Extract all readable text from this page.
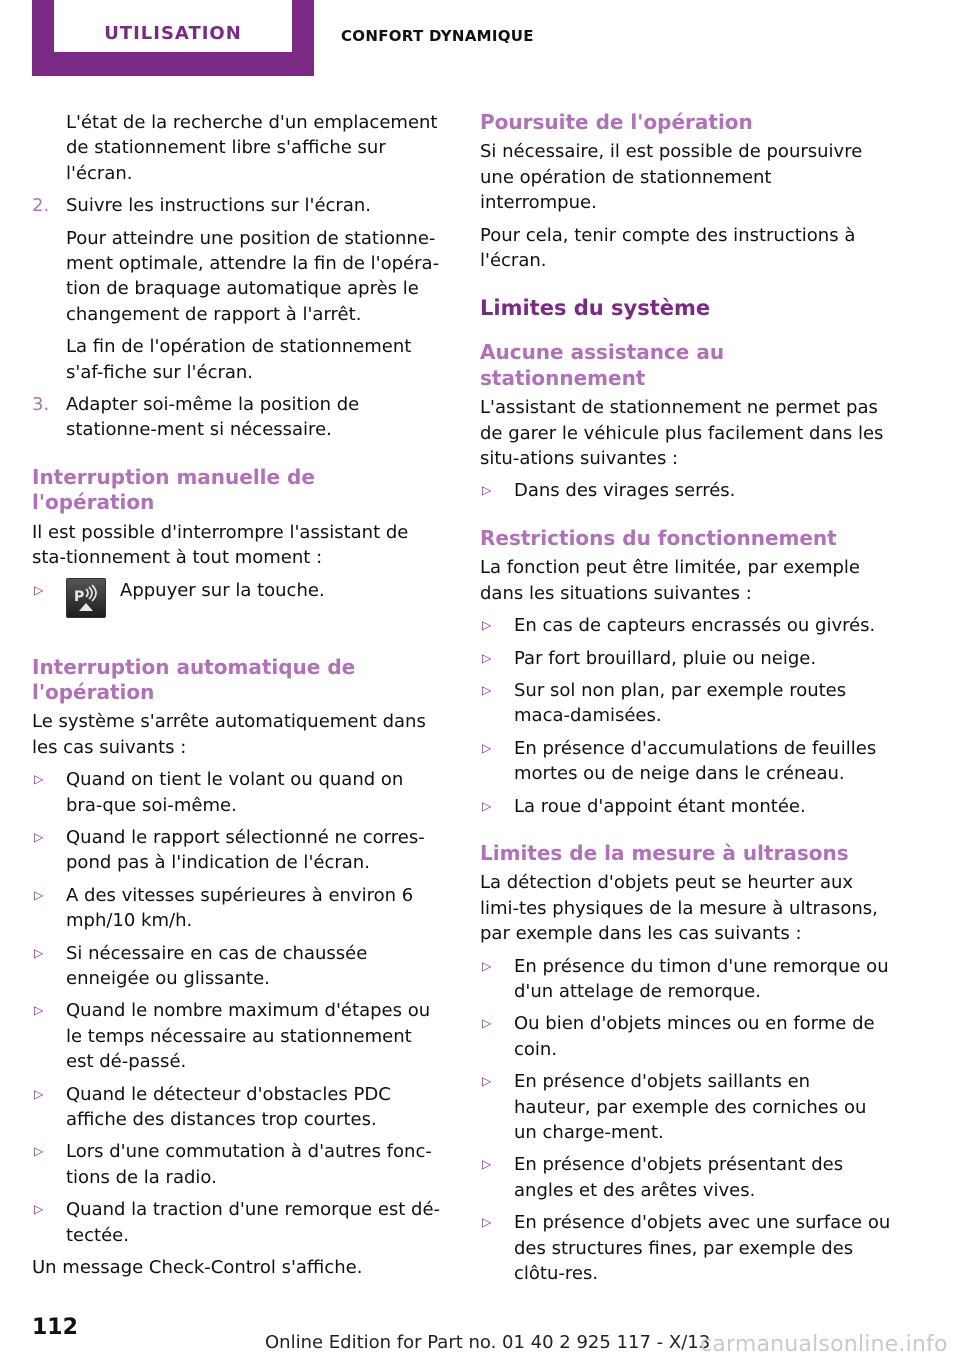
UTILISATION	CONFORT DYNAMIQUE

L'état de la recherche d'un emplacement de stationnement libre s'affiche sur l'écran.

2. Suivre les instructions sur l'écran.

Pour atteindre une position de stationne-ment optimale, attendre la fin de l'opéra-tion de braquage automatique après le changement de rapport à l'arrêt.

La fin de l'opération de stationnement s'af-fiche sur l'écran.

3. Adapter soi-même la position de stationne-ment si nécessaire.
Interruption manuelle de l'opération

Il est possible d'interrompre l'assistant de sta-tionnement à tout moment :

▷	P Appuyer sur la touche.
Interruption automatique de l'opération

Le système s'arrête automatiquement dans les cas suivants :

▷	Quand on tient le volant ou quand on bra-que soi-même.
▷	Quand le rapport sélectionné ne corres-pond pas à l'indication de l'écran.
▷	A des vitesses supérieures à environ 6 mph/10 km/h.
▷	Si nécessaire en cas de chaussée enneigée ou glissante.
▷	Quand le nombre maximum d'étapes ou le temps nécessaire au stationnement est dé-passé.
▷	Quand le détecteur d'obstacles PDC affiche des distances trop courtes.
▷	Lors d'une commutation à d'autres fonc-tions de la radio.
▷	Quand la traction d'une remorque est dé-tectée.

Un message Check-Control s'affiche.

Poursuite de l'opération

Si nécessaire, il est possible de poursuivre une opération de stationnement interrompue.

Pour cela, tenir compte des instructions à l'écran.

Limites du système
Aucune assistance au stationnement

L'assistant de stationnement ne permet pas de garer le véhicule plus facilement dans les situ-ations suivantes :

▷	Dans des virages serrés.
Restrictions du fonctionnement

La fonction peut être limitée, par exemple dans les situations suivantes :

▷	En cas de capteurs encrassés ou givrés.
▷	Par fort brouillard, pluie ou neige.
▷	Sur sol non plan, par exemple routes maca-damisées.
▷	En présence d'accumulations de feuilles mortes ou de neige dans le créneau.
▷	La roue d'appoint étant montée.
Limites de la mesure à ultrasons

La détection d'objets peut se heurter aux limi-tes physiques de la mesure à ultrasons, par exemple dans les cas suivants :

▷	En présence du timon d'une remorque ou d'un attelage de remorque.
▷	Ou bien d'objets minces ou en forme de coin.
▷	En présence d'objets saillants en hauteur, par exemple des corniches ou un charge-ment.
▷	En présence d'objets présentant des angles et des arêtes vives.
▷	En présence d'objets avec une surface ou des structures fines, par exemple des clôtu-res.
112
Online Edition for Part no. 01 40 2 925 117 - X/13
carmanualsonline.info
